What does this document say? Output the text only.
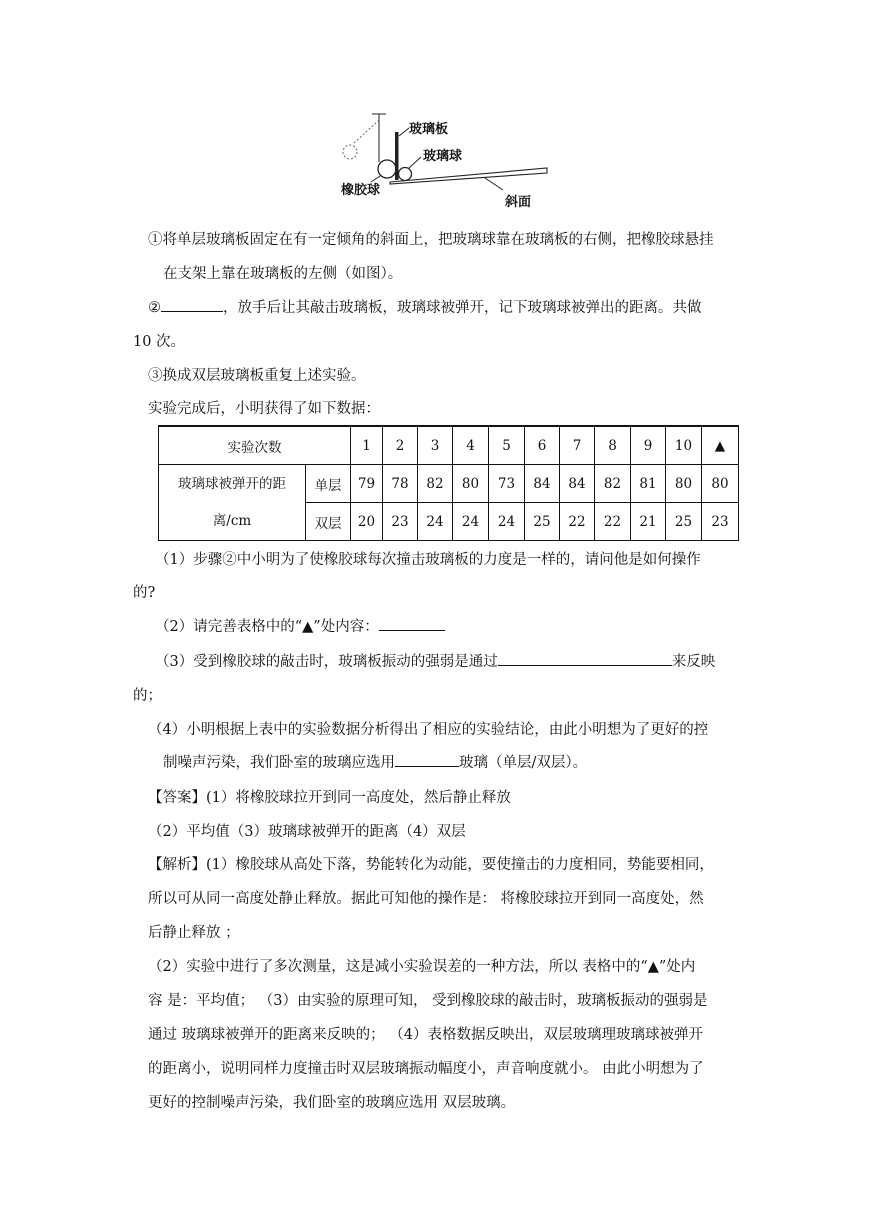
玻璃板
玻璃球
橡胶球
斜面
①将单层玻璃板固定在有一定倾角的斜面上，把玻璃球靠在玻璃板的右侧，把橡胶球悬挂
在支架上靠在玻璃板的左侧（如图）。
②	，放手后让其敲击玻璃板，玻璃球被弹开，记下玻璃球被弹出的距离。共做
10 次。
③换成双层玻璃板重复上述实验。
实验完成后，小明获得了如下数据：
实验次数		1	2	3	4	5	6	7	8	9	10	▲

玻璃球被弹开的距
离/cm	单层	79	78	82	80	73	84	84	82	81	80	80
	双层	20	23	24	24	24	25	22	22	21	25	23
（1）步骤②中小明为了使橡胶球每次撞击玻璃板的力度是一样的，请问他是如何操作
的?
（2）请完善表格中的“▲”处内容：
（3）受到橡胶球的敲击时，玻璃板振动的强弱是通过	来反映
的；
（4）小明根据上表中的实验数据分析得出了相应的实验结论，由此小明想为了更好的控
制噪声污染，我们卧室的玻璃应选用	玻璃（单层/双层）。
【答案】(1）将橡胶球拉开到同一高度处，然后静止释放
（2）平均值（3）玻璃球被弹开的距离（4）双层
【解析】(1）橡胶球从高处下落，势能转化为动能，要使撞击的力度相同，势能要相同，
所以可从同一高度处静止释放。据此可知他的操作是： 将橡胶球拉开到同一高度处，然
后静止释放 ；
（2）实验中进行了多次测量，这是减小实验误差的一种方法，所以 表格中的“▲”处内
容 是：平均值； （3）由实验的原理可知， 受到橡胶球的敲击时，玻璃板振动的强弱是
通过 玻璃球被弹开的距离来反映的； （4）表格数据反映出，双层玻璃理玻璃球被弹开
的距离小，说明同样力度撞击时双层玻璃振动幅度小，声音响度就小。 由此小明想为了
更好的控制噪声污染，我们卧室的玻璃应选用 双层玻璃。
